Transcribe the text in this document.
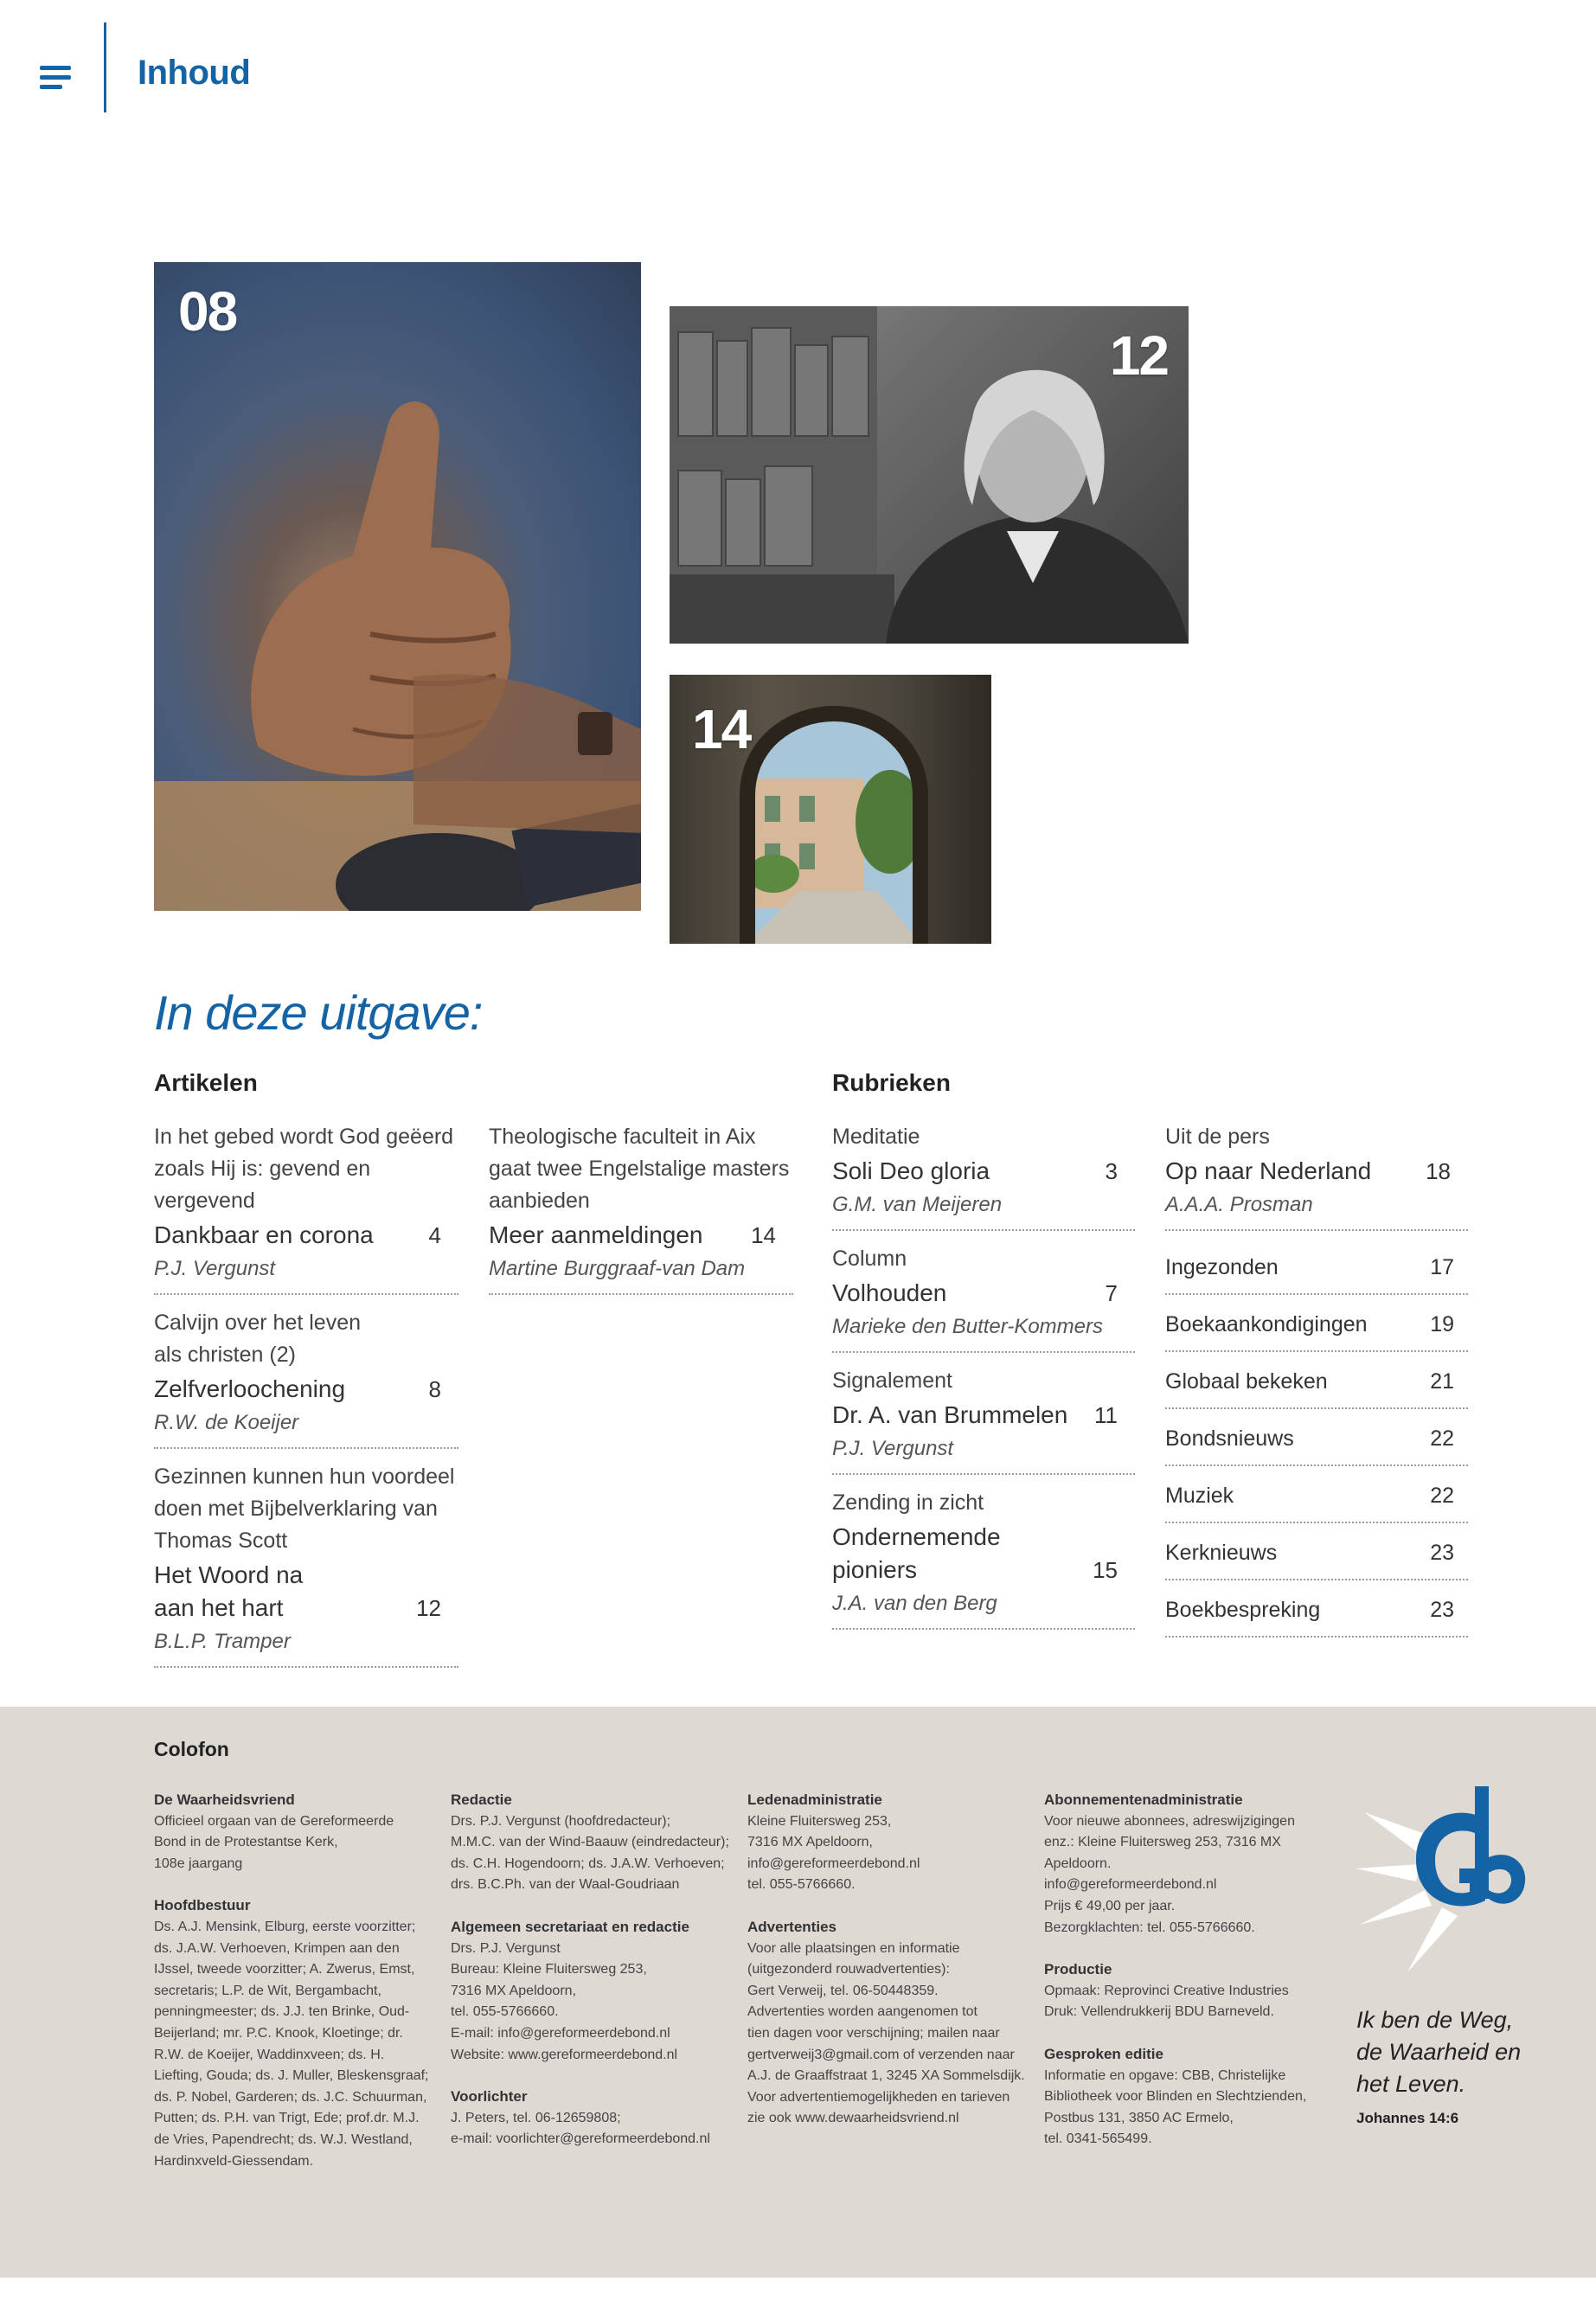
Inhoud
08
12
14
In deze uitgave:
Artikelen	Rubrieken
In het gebed wordt God geëerd
zoals Hij is: gevend en vergevend
Dankbaar en corona 4
P.J. Vergunst
Calvijn over het leven
als christen (2)
Zelfverloochening	8
R.W. de Koeijer
Gezinnen kunnen hun voordeel
doen met Bijbelverklaring van
Thomas Scott
Het Woord na
aan het hart	12
B.L.P. Tramper
Theologische faculteit in Aix
gaat twee Engelstalige masters
aanbieden
Meer aanmeldingen 14
Martine Burggraaf-van Dam
Meditatie
Soli Deo gloria	3
G.M. van Meijeren
Column
Volhouden	7
Marieke den Butter-Kommers
Signalement
Dr. A. van Brummelen 11
P.J. Vergunst
Zending in zicht
Ondernemende pioniers	15
J.A. van den Berg
Uit de pers
Op naar Nederland 18
A.A.A. Prosman
Ingezonden	17
Boekaankondigingen	19
Globaal bekeken	21
Bondsnieuws	22
Muziek	22
Kerknieuws	23
Boekbespreking	23
Colofon
De Waarheidsvriend
Officieel orgaan van de Gereformeerde
Bond in de Protestantse Kerk,
108e jaargang
Hoofdbestuur
Ds. A.J. Mensink, Elburg, eerste voorzitter;
ds. J.A.W. Verhoeven, Krimpen aan den
IJssel, tweede voorzitter; A. Zwerus, Emst,
secretaris; L.P. de Wit, Bergambacht,
penningmeester; ds. J.J. ten Brinke, Oud-
Beijerland; mr. P.C. Knook, Kloetinge; dr.
R.W. de Koeijer, Waddinxveen; ds. H.
Liefting, Gouda; ds. J. Muller, Bleskensgraaf;
ds. P. Nobel, Garderen; ds. J.C. Schuurman,
Putten; ds. P.H. van Trigt, Ede; prof.dr. M.J.
de Vries, Papendrecht; ds. W.J. Westland,
Hardinxveld-Giessendam.
Redactie
Drs. P.J. Vergunst (hoofdredacteur);
M.M.C. van der Wind-Baauw (eindredacteur);
ds. C.H. Hogendoorn; ds. J.A.W. Verhoeven;
drs. B.C.Ph. van der Waal-Goudriaan
Algemeen secretariaat en redactie
Drs. P.J. Vergunst
Bureau: Kleine Fluitersweg 253,
7316 MX Apeldoorn,
tel. 055-5766660.
E-mail: info@gereformeerdebond.nl
Website: www.gereformeerdebond.nl
Voorlichter
J. Peters, tel. 06-12659808;
e-mail: voorlichter@gereformeerdebond.nl
Ledenadministratie
Kleine Fluitersweg 253,
7316 MX Apeldoorn,
info@gereformeerdebond.nl
tel. 055-5766660.
Advertenties
Voor alle plaatsingen en informatie
(uitgezonderd rouwadvertenties):
Gert Verweij, tel. 06-50448359.
Advertenties worden aangenomen tot
tien dagen voor verschijning; mailen naar
gertverweij3@gmail.com of verzenden naar
A.J. de Graaffstraat 1, 3245 XA Sommelsdijk.
Voor advertentiemogelijkheden en tarieven
zie ook www.dewaarheidsvriend.nl
Abonnementenadministratie
Voor nieuwe abonnees, adreswijzigingen
enz.: Kleine Fluitersweg 253, 7316 MX
Apeldoorn.
info@gereformeerdebond.nl
Prijs € 49,00 per jaar.
Bezorgklachten: tel. 055-5766660.
Productie
Opmaak: Reprovinci Creative Industries
Druk: Vellendrukkerij BDU Barneveld.
Gesproken editie
Informatie en opgave: CBB, Christelijke
Bibliotheek voor Blinden en Slechtzienden,
Postbus 131, 3850 AC Ermelo,
tel. 0341-565499.
Ik ben de Weg,
de Waarheid en
het Leven.
Johannes 14:6
